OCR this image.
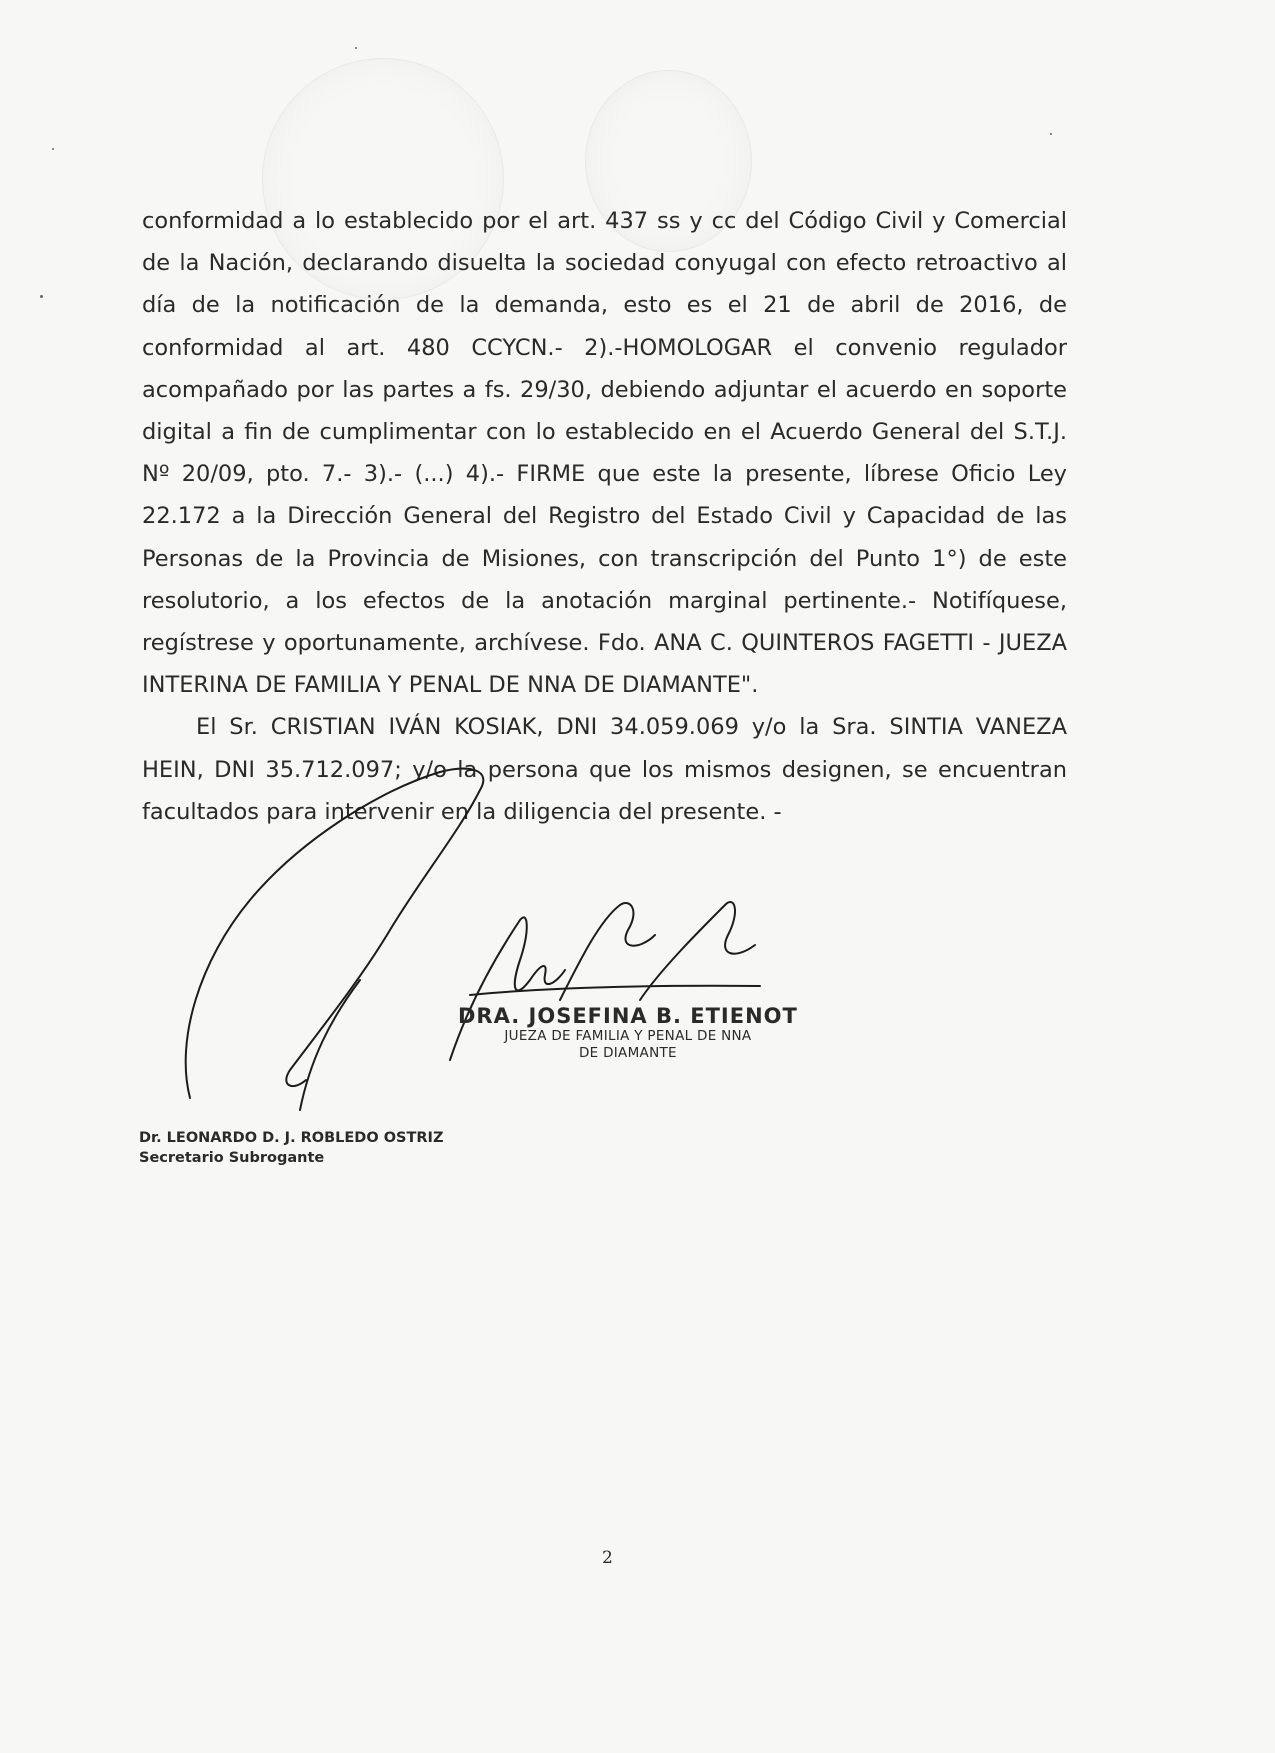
conformidad a lo establecido por el art. 437 ss y cc del Código Civil y Comercial de la Nación, declarando disuelta la sociedad conyugal con efecto retroactivo al día de la notificación de la demanda, esto es el 21 de abril de 2016, de conformidad al art. 480 CCYCN.- 2).-HOMOLOGAR el convenio regulador acompañado por las partes a fs. 29/30, debiendo adjuntar el acuerdo en soporte digital a fin de cumplimentar con lo establecido en el Acuerdo General del S.T.J. Nº 20/09, pto. 7.- 3).- (...) 4).- FIRME que este la presente, líbrese Oficio Ley 22.172 a la Dirección General del Registro del Estado Civil y Capacidad de las Personas de la Provincia de Misiones, con transcripción del Punto 1°) de este resolutorio, a los efectos de la anotación marginal pertinente.- Notifíquese, regístrese y oportunamente, archívese. Fdo. ANA C. QUINTEROS FAGETTI - JUEZA INTERINA DE FAMILIA Y PENAL DE NNA DE DIAMANTE".

El Sr. CRISTIAN IVÁN KOSIAK, DNI 34.059.069 y/o la Sra. SINTIA VANEZA HEIN, DNI 35.712.097; y/o la persona que los mismos designen, se encuentran facultados para intervenir en la diligencia del presente. -

DRA. JOSEFINA B. ETIENOT
JUEZA DE FAMILIA Y PENAL DE NNA
DE DIAMANTE
Dr. LEONARDO D. J. ROBLEDO OSTRIZ
Secretario Subrogante
2
